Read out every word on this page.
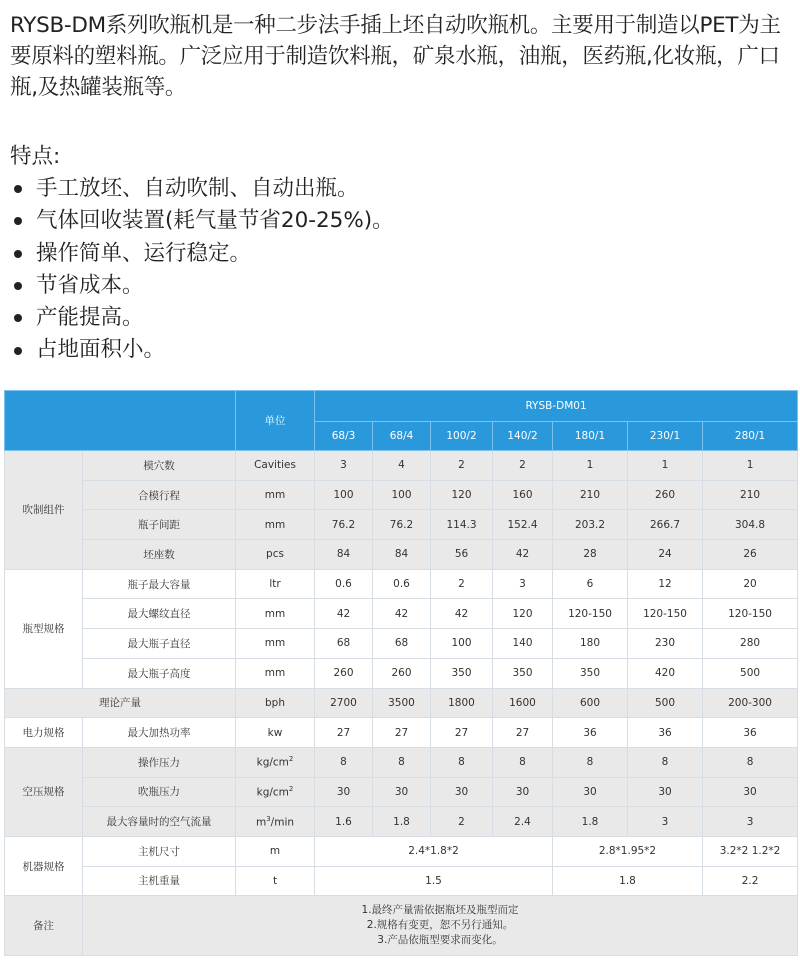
RYSB-DM系列吹瓶机是一种二步法手插上坯自动吹瓶机。主要用于制造以PET为主要原料的塑料瓶。广泛应用于制造饮料瓶，矿泉水瓶，油瓶，医药瓶,化妆瓶，广口瓶,及热罐装瓶等。

特点:

手工放坯、自动吹制、自动出瓶。
气体回收装置(耗气量节省20-25%)。
操作简单、运行稳定。
节省成本。
产能提高。
占地面积小。
		单位	RYSB-DM01						
			68/3	68/4	100/2	140/2	180/1	230/1	280/1
吹制组件	模穴数	Cavities	3	4	2	2	1	1	1
	合模行程	mm	100	100	120	160	210	260	210
	瓶子间距	mm	76.2	76.2	114.3	152.4	203.2	266.7	304.8
	坯座数	pcs	84	84	56	42	28	24	26
瓶型规格	瓶子最大容量	ltr	0.6	0.6	2	3	6	12	20
	最大螺纹直径	mm	42	42	42	120	120-150	120-150	120-150
	最大瓶子直径	mm	68	68	100	140	180	230	280
	最大瓶子高度	mm	260	260	350	350	350	420	500
理论产量		bph	2700	3500	1800	1600	600	500	200-300
电力规格	最大加热功率	kw	27	27	27	27	36	36	36
空压规格	操作压力	$kg/cm^2$	8	8	8	8	8	8	8
	吹瓶压力	$kg/cm^2$	30	30	30	30	30	30	30
	最大容量时的空气流量	$m^3/\min$	1.6	1.8	2	2.4	1.8	3	3
机器规格	主机尺寸	m	2.4*1.8*2				2.8*1.95*2		3.2*2 1.2*2
	主机重量	t	1.5				1.8		2.2
备注	1.最终产量需依据瓶坯及瓶型而定
2.规格有变更，恕不另行通知。
3.产品依瓶型要求而变化。								
